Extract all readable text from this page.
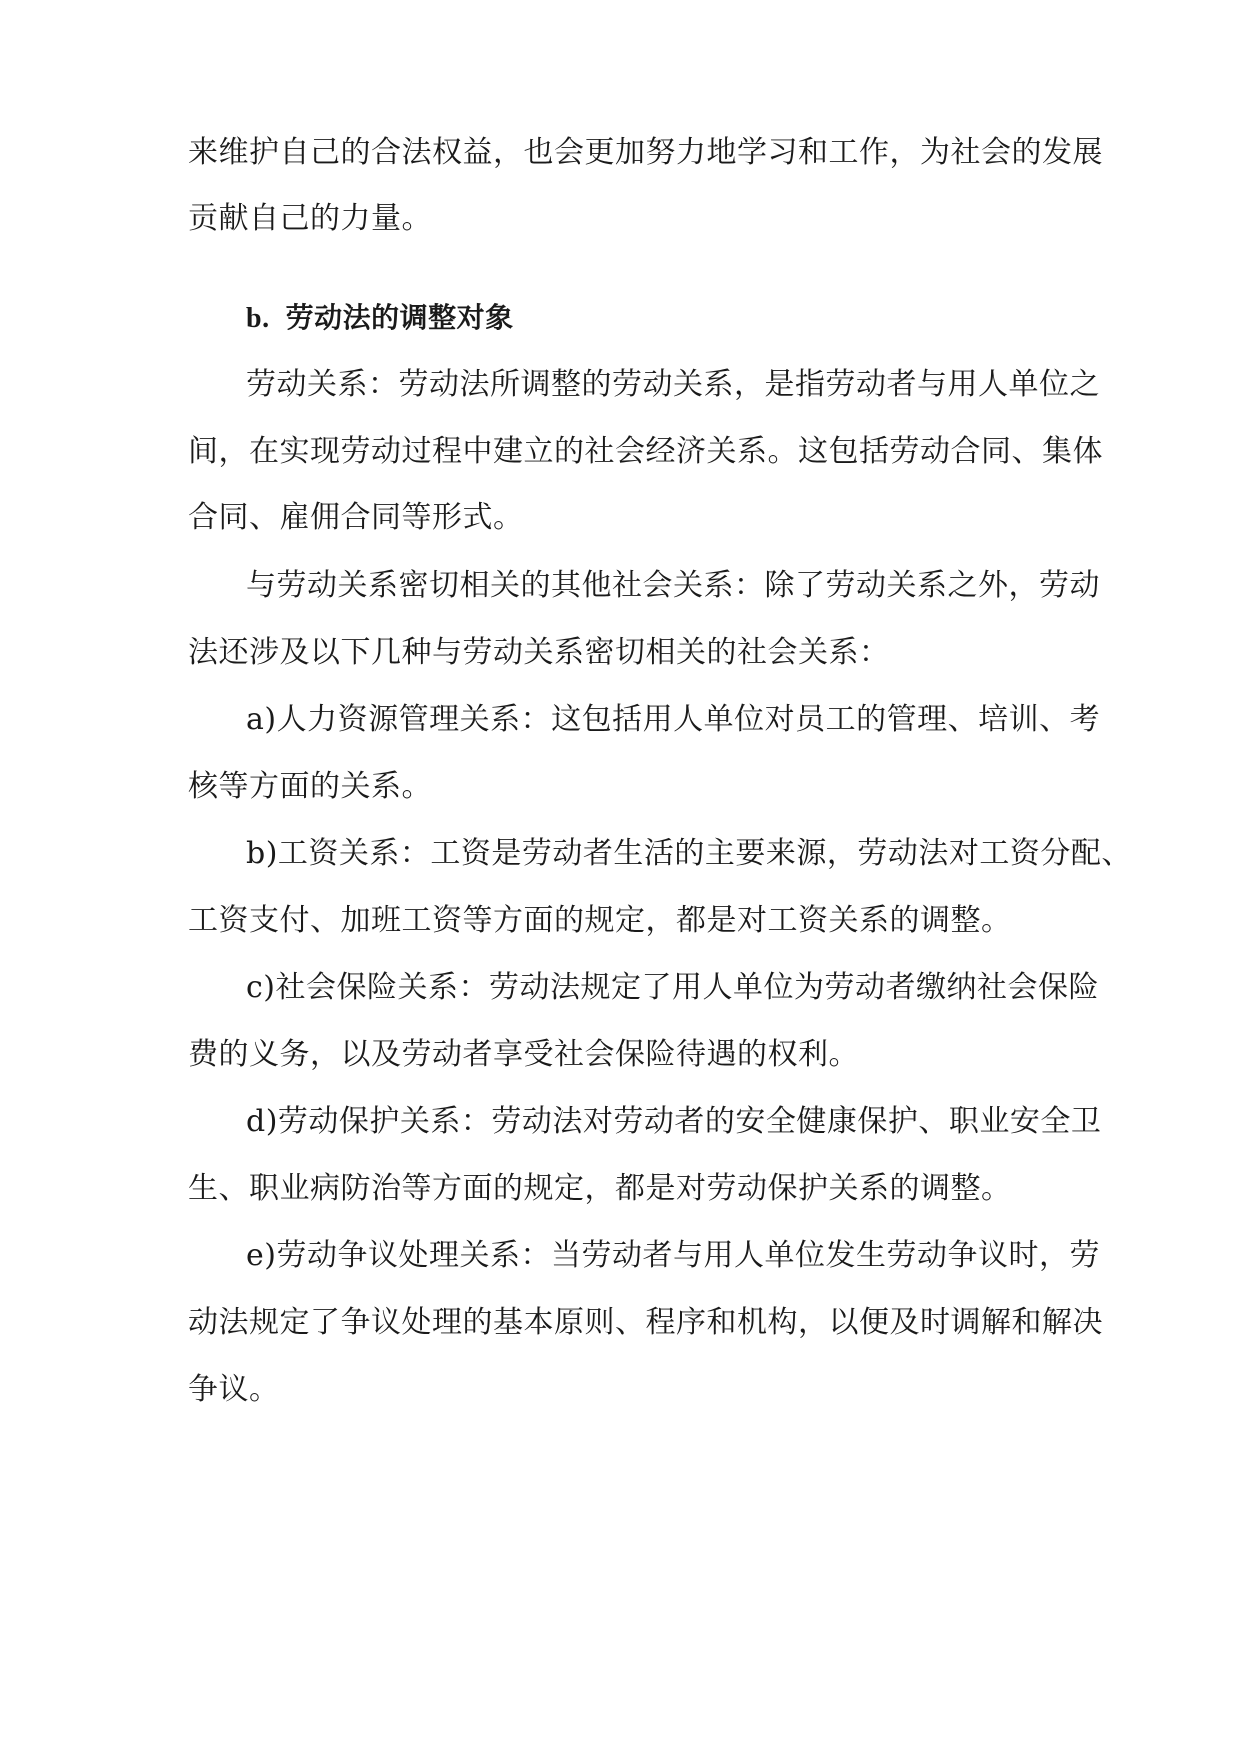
来维护自己的合法权益，也会更加努力地学习和工作，为社会的发展
贡献自己的力量。
b. 劳动法的调整对象
劳动关系：劳动法所调整的劳动关系，是指劳动者与用人单位之
间，在实现劳动过程中建立的社会经济关系。这包括劳动合同、集体
合同、雇佣合同等形式。
与劳动关系密切相关的其他社会关系：除了劳动关系之外，劳动
法还涉及以下几种与劳动关系密切相关的社会关系：
a)人力资源管理关系：这包括用人单位对员工的管理、培训、考
核等方面的关系。
b)工资关系：工资是劳动者生活的主要来源，劳动法对工资分配、
工资支付、加班工资等方面的规定，都是对工资关系的调整。
c)社会保险关系：劳动法规定了用人单位为劳动者缴纳社会保险
费的义务，以及劳动者享受社会保险待遇的权利。
d)劳动保护关系：劳动法对劳动者的安全健康保护、职业安全卫
生、职业病防治等方面的规定，都是对劳动保护关系的调整。
e)劳动争议处理关系：当劳动者与用人单位发生劳动争议时，劳
动法规定了争议处理的基本原则、程序和机构，以便及时调解和解决
争议。
